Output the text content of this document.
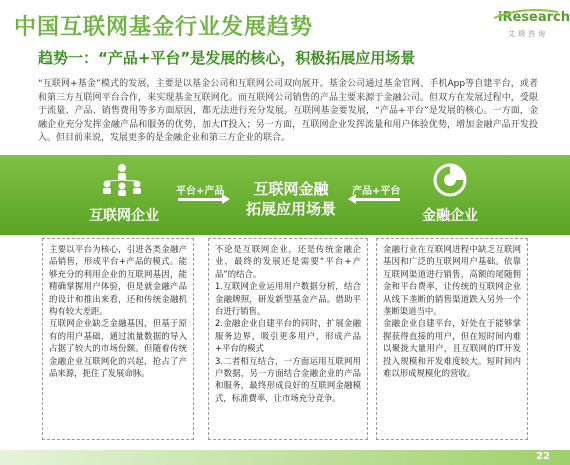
中国互联网基金行业发展趋势	iResearch
艾瑞咨询
趋势一：“产品+平台”是发展的核心，积极拓展应用场景
“互联网+基金”模式的发展，主要是以基金公司和互联网公司双向展开。基金公司通过基金官网、手机App等自建平台，或者和第三方互联网平台合作，来实现基金互联网化。而互联网公司销售的产品主要来源于金融公司。但双方在发展过程中，受限于流量、产品、销售费用等多方面原因，都无法进行充分发展。互联网基金要发展，“产品+平台”是发展的核心。一方面，金融企业充分发挥金融产品和服务的优势，加大IT投入；另一方面，互联网企业发挥流量和用户体验优势，增加金融产品开发投入。但目前来说，发展更多的是金融企业和第三方企业的联合。
互联网企业
平台+产品	互联网金融
拓展应用场景
产品+平台
金融企业

主要以平台为核心，引进各类金融产品销售，形成平台+产品的模式。能够充分的利用企业的互联网基因，能精确掌握用户体验，但是就金融产品的设计和推出来看，还和传统金融机构有较大差距。

互联网企业缺乏金融基因，但基于原有的用户基础，通过流量数据的导入占据了较大的市场份额。但随着传统金融企业互联网化的兴起，抢占了产品来源，扼住了发展命脉。

不论是互联网企业，还是传统金融企业，最终的发展还是需要“平台+产品”的结合。

1.互联网企业运用用户数据分析，结合金融牌照，研发新型基金产品。借助平台进行销售。

2.金融企业自建平台的同时，扩展金融服务边界，吸引更多用户，形成产品+平台的模式

3.二者相互结合，一方面运用互联网用户数据，另一方面结合金融企业的产品和服务，最终形成良好的互联网金融模式，标准費率，让市场充分竞争。

金融行业在互联网进程中缺乏互联网基因和广泛的互联网用户基础。依靠互联网渠道进行销售，高额的尾随佣金和平台费率，让传统的互联网企业从线下垄断的销售渠道跌入另外一个垄断渠道当中。

金融企业自建平台，好处在于能够掌握获得直接的用户，但在短时间内难以聚拢大量用户，且互联网的IT开发投入规模和开发难度较大。短时间内难以形成规模化的营收。

22
